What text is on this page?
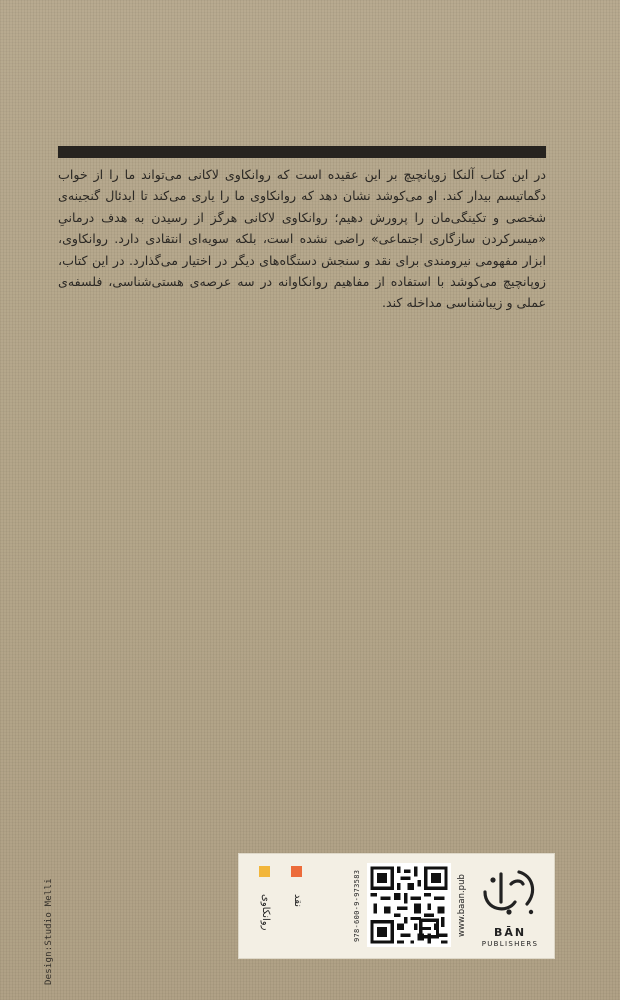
در این کتاب آلنکا زوپانچیچ بر این عقیده است که روانکاوی لاکانی می‌تواند ما را از خواب دگماتیسم بیدار کند. او می‌کوشد نشان دهد که روانکاوی ما را یاری می‌کند تا ایدئال گنجینه‌ی شخصی و تکینگی‌مان را پرورش دهیم؛ روانکاوی لاکانی هرگز از رسیدن به هدف درمانیِ «میسر‌کردن سازگاری اجتماعی» راضی نشده است، بلکه سویه‌ای انتقادی دارد. روانکاوی، ابزار مفهومی نیرومندی برای نقد و سنجش دستگاه‌های دیگر در اختیار می‌گذارد. در این کتاب، زوپانچیچ می‌کوشد با استفاده از مفاهیم روانکاوانه در سه عرصه‌ی هستی‌شناسی، فلسفه‌ی عملی و زیباشناسی مداخله کند.
Design:Studio Melli	روانکاوی نقد	978-600-9-973583	www.baan.pub	BĀN
PUBLISHERS
